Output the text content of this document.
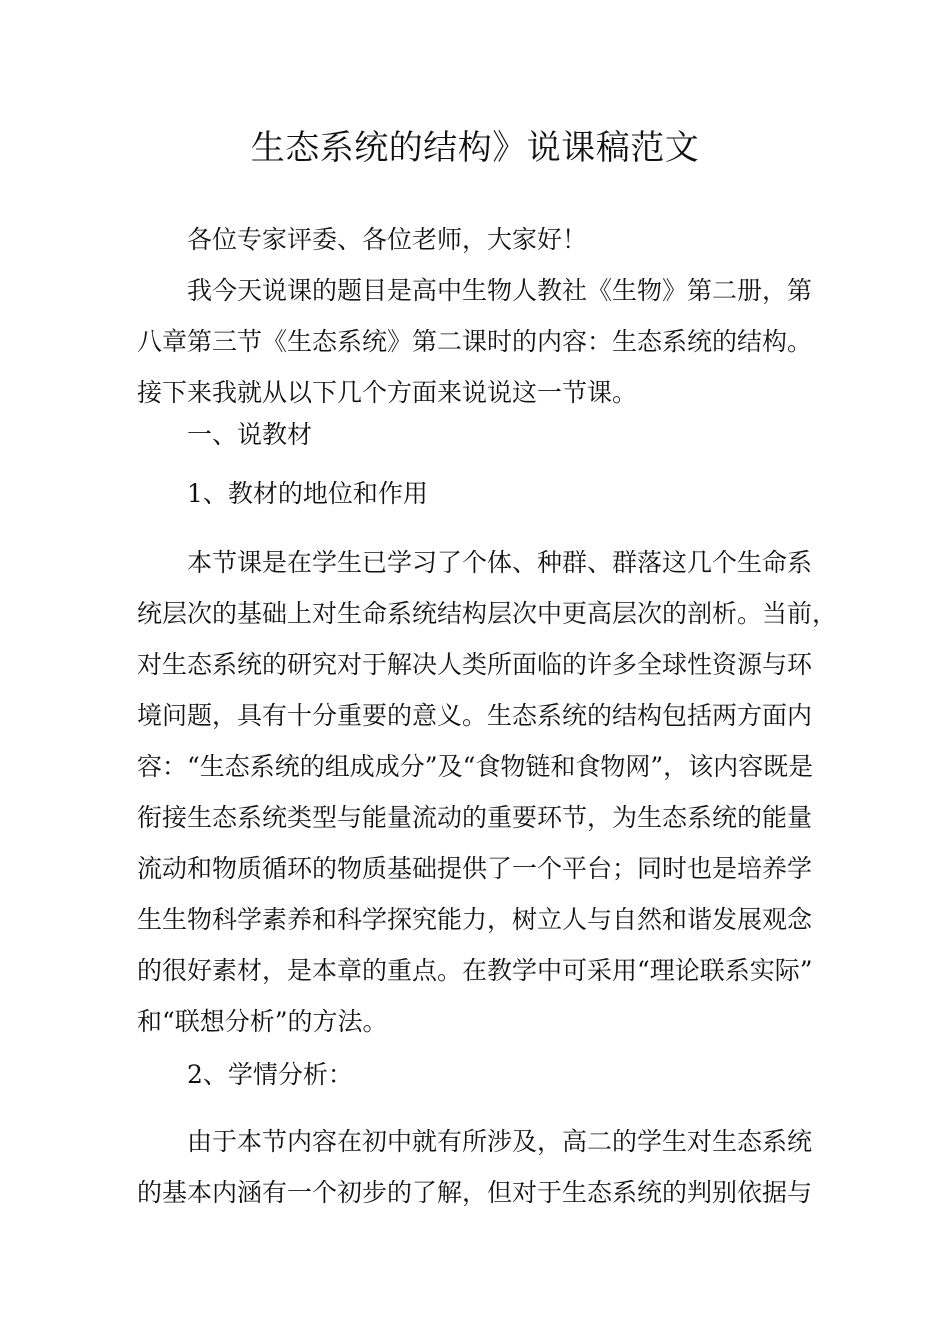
生态系统的结构》说课稿范文

各位专家评委、各位老师，大家好！

我今天说课的题目是高中生物人教社《生物》第二册，第
八章第三节《生态系统》第二课时的内容：生态系统的结构。
接下来我就从以下几个方面来说说这一节课。

一、说教材

1、教材的地位和作用

本节课是在学生已学习了个体、种群、群落这几个生命系
统层次的基础上对生命系统结构层次中更高层次的剖析。当前，
对生态系统的研究对于解决人类所面临的许多全球性资源与环
境问题，具有十分重要的意义。生态系统的结构包括两方面内
容：“生态系统的组成成分”及“食物链和食物网”，该内容既是
衔接生态系统类型与能量流动的重要环节，为生态系统的能量
流动和物质循环的物质基础提供了一个平台；同时也是培养学
生生物科学素养和科学探究能力，树立人与自然和谐发展观念
的很好素材，是本章的重点。在教学中可采用“理论联系实际”
和“联想分析”的方法。

2、学情分析：

由于本节内容在初中就有所涉及，高二的学生对生态系统
的基本内涵有一个初步的了解，但对于生态系统的判别依据与
